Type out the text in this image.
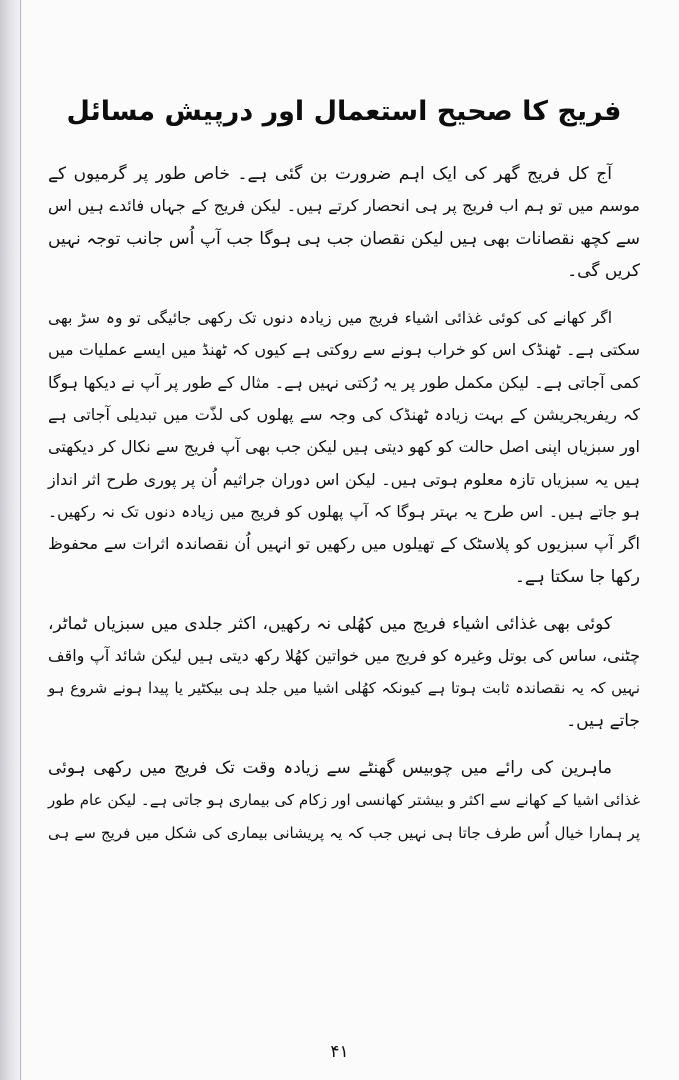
فریج کا صحیح استعمال اور درپیش مسائل
آج کل فریج گھر کی ایک اہم ضرورت بن گئی ہے۔ خاص طور پر گرمیوں کے
موسم میں تو ہم اب فریج پر ہی انحصار کرتے ہیں۔ لیکن فریج کے جہاں فائدے ہیں اس
سے کچھ نقصانات بھی ہیں لیکن نقصان جب ہی ہوگا جب آپ اُس جانب توجہ نہیں
کریں گی۔
اگر کھانے کی کوئی غذائی اشیاء فریج میں زیادہ دنوں تک رکھی جائیگی تو وہ سڑ بھی
سکتی ہے۔ ٹھنڈک اس کو خراب ہونے سے روکتی ہے کیوں کہ ٹھنڈ میں ایسے عملیات میں
کمی آجاتی ہے۔ لیکن مکمل طور پر یہ رُکتی نہیں ہے۔ مثال کے طور پر آپ نے دیکھا ہوگا
کہ ریفریجریشن کے بہت زیادہ ٹھنڈک کی وجہ سے پھلوں کی لذّت میں تبدیلی آجاتی ہے
اور سبزیاں اپنی اصل حالت کو کھو دیتی ہیں لیکن جب بھی آپ فریج سے نکال کر دیکھتی
ہیں یہ سبزیاں تازہ معلوم ہوتی ہیں۔ لیکن اس دوران جراثیم اُن پر پوری طرح اثر انداز
ہو جاتے ہیں۔ اس طرح یہ بہتر ہوگا کہ آپ پھلوں کو فریج میں زیادہ دنوں تک نہ رکھیں۔
اگر آپ سبزیوں کو پلاسٹک کے تھیلوں میں رکھیں تو انہیں اُن نقصاندہ اثرات سے محفوظ
رکھا جا سکتا ہے۔
کوئی بھی غذائی اشیاء فریج میں کھُلی نہ رکھیں، اکثر جلدی میں سبزیاں ٹماٹر،
چٹنی، ساس کی بوتل وغیرہ کو فریج میں خواتین کھُلا رکھ دیتی ہیں لیکن شائد آپ واقف
نہیں کہ یہ نقصاندہ ثابت ہوتا ہے کیونکہ کھُلی اشیا میں جلد ہی بیکٹیر یا پیدا ہونے شروع ہو
جاتے ہیں۔
ماہرین کی رائے میں چوبیس گھنٹے سے زیادہ وقت تک فریج میں رکھی ہوئی
غذائی اشیا کے کھانے سے اکثر و بیشتر کھانسی اور زکام کی بیماری ہو جاتی ہے۔ لیکن عام طور
پر ہمارا خیال اُس طرف جاتا ہی نہیں جب کہ یہ پریشانی بیماری کی شکل میں فریج سے ہی
۴۱
